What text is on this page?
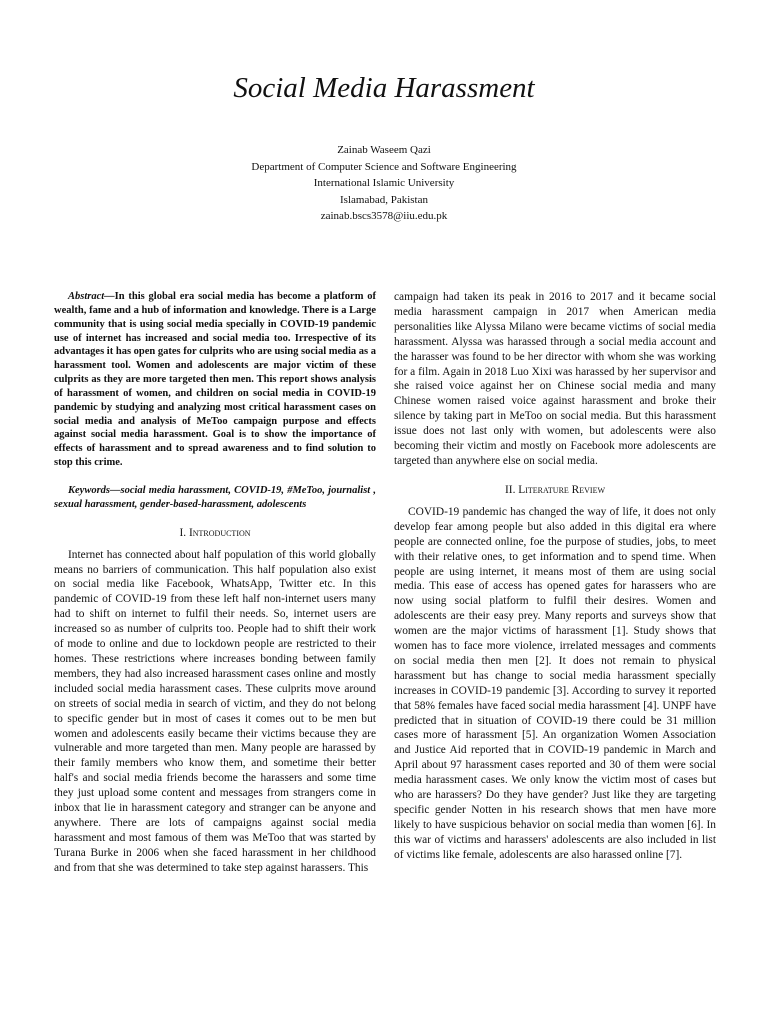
Social Media Harassment
Zainab Waseem Qazi
Department of Computer Science and Software Engineering
International Islamic University
Islamabad, Pakistan
zainab.bscs3578@iiu.edu.pk

Abstract—In this global era social media has become a platform of wealth, fame and a hub of information and knowledge. There is a Large community that is using social media specially in COVID-19 pandemic use of internet has increased and social media too. Irrespective of its advantages it has open gates for culprits who are using social media as a harassment tool. Women and adolescents are major victim of these culprits as they are more targeted then men. This report shows analysis of harassment of women, and children on social media in COVID-19 pandemic by studying and analyzing most critical harassment cases on social media and analysis of MeToo campaign purpose and effects against social media harassment. Goal is to show the importance of effects of harassment and to spread awareness and to find solution to stop this crime.

Keywords—social media harassment, COVID-19, #MeToo, journalist , sexual harassment, gender-based-harassment, adolescents

I. Introduction

Internet has connected about half population of this world globally means no barriers of communication. This half population also exist on social media like Facebook, WhatsApp, Twitter etc. In this pandemic of COVID-19 from these left half non-internet users many had to shift on internet to fulfil their needs. So, internet users are increased so as number of culprits too. People had to shift their work of mode to online and due to lockdown people are restricted to their homes. These restrictions where increases bonding between family members, they had also increased harassment cases online and mostly included social media harassment cases. These culprits move around on streets of social media in search of victim, and they do not belong to specific gender but in most of cases it comes out to be men but women and adolescents easily became their victims because they are vulnerable and more targeted than men. Many people are harassed by their family members who know them, and sometime their better half's and social media friends become the harassers and some time they just upload some content and messages from strangers come in inbox that lie in harassment category and stranger can be anyone and anywhere. There are lots of campaigns against social media harassment and most famous of them was MeToo that was started by Turana Burke in 2006 when she faced harassment in her childhood and from that she was determined to take step against harassers. This

campaign had taken its peak in 2016 to 2017 and it became social media harassment campaign in 2017 when American media personalities like Alyssa Milano were became victims of social media harassment. Alyssa was harassed through a social media account and the harasser was found to be her director with whom she was working for a film. Again in 2018 Luo Xixi was harassed by her supervisor and she raised voice against her on Chinese social media and many Chinese women raised voice against harassment and broke their silence by taking part in MeToo on social media. But this harassment issue does not last only with women, but adolescents were also becoming their victim and mostly on Facebook more adolescents are targeted than anywhere else on social media.

II. Literature Review

COVID-19 pandemic has changed the way of life, it does not only develop fear among people but also added in this digital era where people are connected online, foe the purpose of studies, jobs, to meet with their relative ones, to get information and to spend time. When people are using internet, it means most of them are using social media. This ease of access has opened gates for harassers who are now using social platform to fulfil their desires. Women and adolescents are their easy prey. Many reports and surveys show that women are the major victims of harassment [1]. Study shows that women has to face more violence, irrelated messages and comments on social media then men [2]. It does not remain to physical harassment but has change to social media harassment specially increases in COVID-19 pandemic [3]. According to survey it reported that 58% females have faced social media harassment [4]. UNPF have predicted that in situation of COVID-19 there could be 31 million cases more of harassment [5]. An organization Women Association and Justice Aid reported that in COVID-19 pandemic in March and April about 97 harassment cases reported and 30 of them were social media harassment cases. We only know the victim most of cases but who are harassers? Do they have gender? Just like they are targeting specific gender Notten in his research shows that men have more likely to have suspicious behavior on social media than women [6]. In this war of victims and harassers' adolescents are also included in list of victims like female, adolescents are also harassed online [7].
